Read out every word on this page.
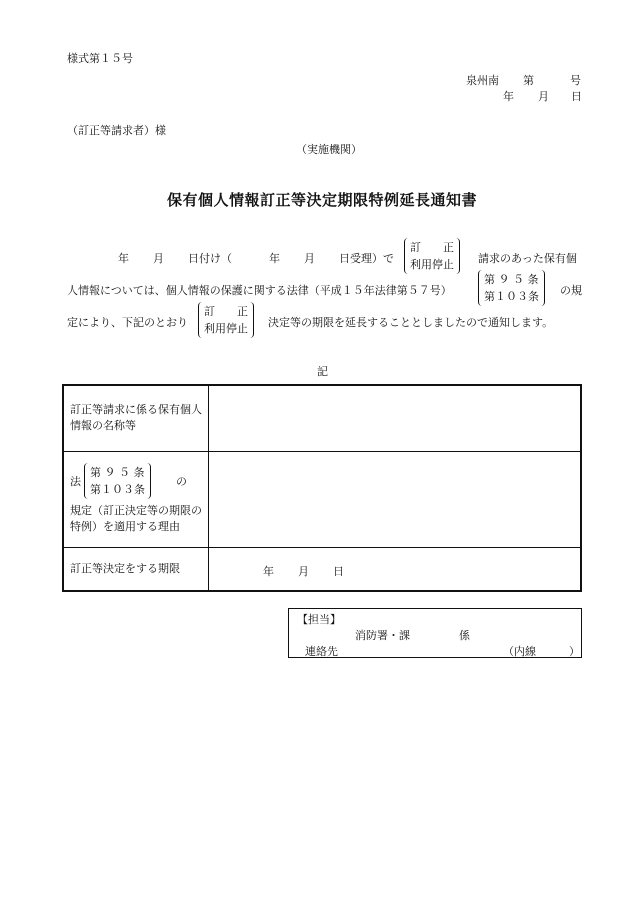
様式第１５号
泉州南 第	号
年 月 日
（訂正等請求者）様
（実施機関）
保有個人情報訂正等決定期限特例延長通知書
年 月 日付け（	年 月 日受理）で
訂　　正
利用停止 請求のあった保有個
人情報については、個人情報の保護に関する法律（平成１５年法律第５７号）
第 ９ ５ 条
第１０３条 の規
定により、下記のとおり
訂　　正
利用停止 決定等の期限を延長することとしましたので通知します。
記
訂正等請求に係る保有個人情報の名称等	

法
第 ９ ５ 条
第１０３条
の
規定（訂正決定等の期限の特例）を適用する理由	

訂正等決定をする期限	年 月 日
【担当】
消防署・課	係
連絡先	（内線	）
